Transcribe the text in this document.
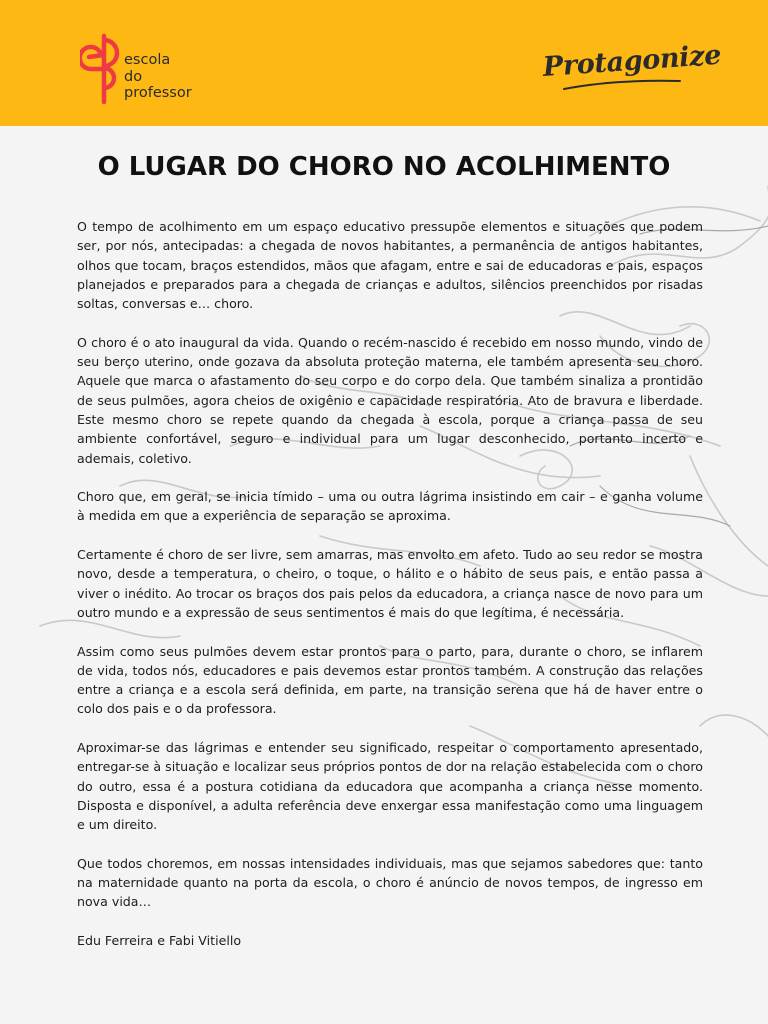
escola
do
professor
Protagonize
O LUGAR DO CHORO NO ACOLHIMENTO

O tempo de acolhimento em um espaço educativo pressupõe elementos e situações que podem ser, por nós, antecipadas: a chegada de novos habitantes, a permanência de antigos habitantes, olhos que tocam, braços estendidos, mãos que afagam, entre e sai de educadoras e pais, espaços planejados e preparados para a chegada de crianças e adultos, silêncios preenchidos por risadas soltas, conversas e… choro.

O choro é o ato inaugural da vida. Quando o recém-nascido é recebido em nosso mundo, vindo de seu berço uterino, onde gozava da absoluta proteção materna, ele também apresenta seu choro. Aquele que marca o afastamento do seu corpo e do corpo dela. Que também sinaliza a prontidão de seus pulmões, agora cheios de oxigênio e capacidade respiratória. Ato de bravura e liberdade. Este mesmo choro se repete quando da chegada à escola, porque a criança passa de seu ambiente confortável, seguro e individual para um lugar desconhecido, portanto incerto e ademais, coletivo.

Choro que, em geral, se inicia tímido – uma ou outra lágrima insistindo em cair – e ganha volume à medida em que a experiência de separação se aproxima.

Certamente é choro de ser livre, sem amarras, mas envolto em afeto. Tudo ao seu redor se mostra novo, desde a temperatura, o cheiro, o toque, o hálito e o hábito de seus pais, e então passa a viver o inédito. Ao trocar os braços dos pais pelos da educadora, a criança nasce de novo para um outro mundo e a expressão de seus sentimentos é mais do que legítima, é necessária.

Assim como seus pulmões devem estar prontos para o parto, para, durante o choro, se inflarem de vida, todos nós, educadores e pais devemos estar prontos também. A construção das relações entre a criança e a escola será definida, em parte, na transição serena que há de haver entre o colo dos pais e o da professora.

Aproximar-se das lágrimas e entender seu significado, respeitar o comportamento apresentado, entregar-se à situação e localizar seus próprios pontos de dor na relação estabelecida com o choro do outro, essa é a postura cotidiana da educadora que acompanha a criança nesse momento. Disposta e disponível, a adulta referência deve enxergar essa manifestação como uma linguagem e um direito.

Que todos choremos, em nossas intensidades individuais, mas que sejamos sabedores que: tanto na maternidade quanto na porta da escola, o choro é anúncio de novos tempos, de ingresso em nova vida…

Edu Ferreira e Fabi Vitiello
